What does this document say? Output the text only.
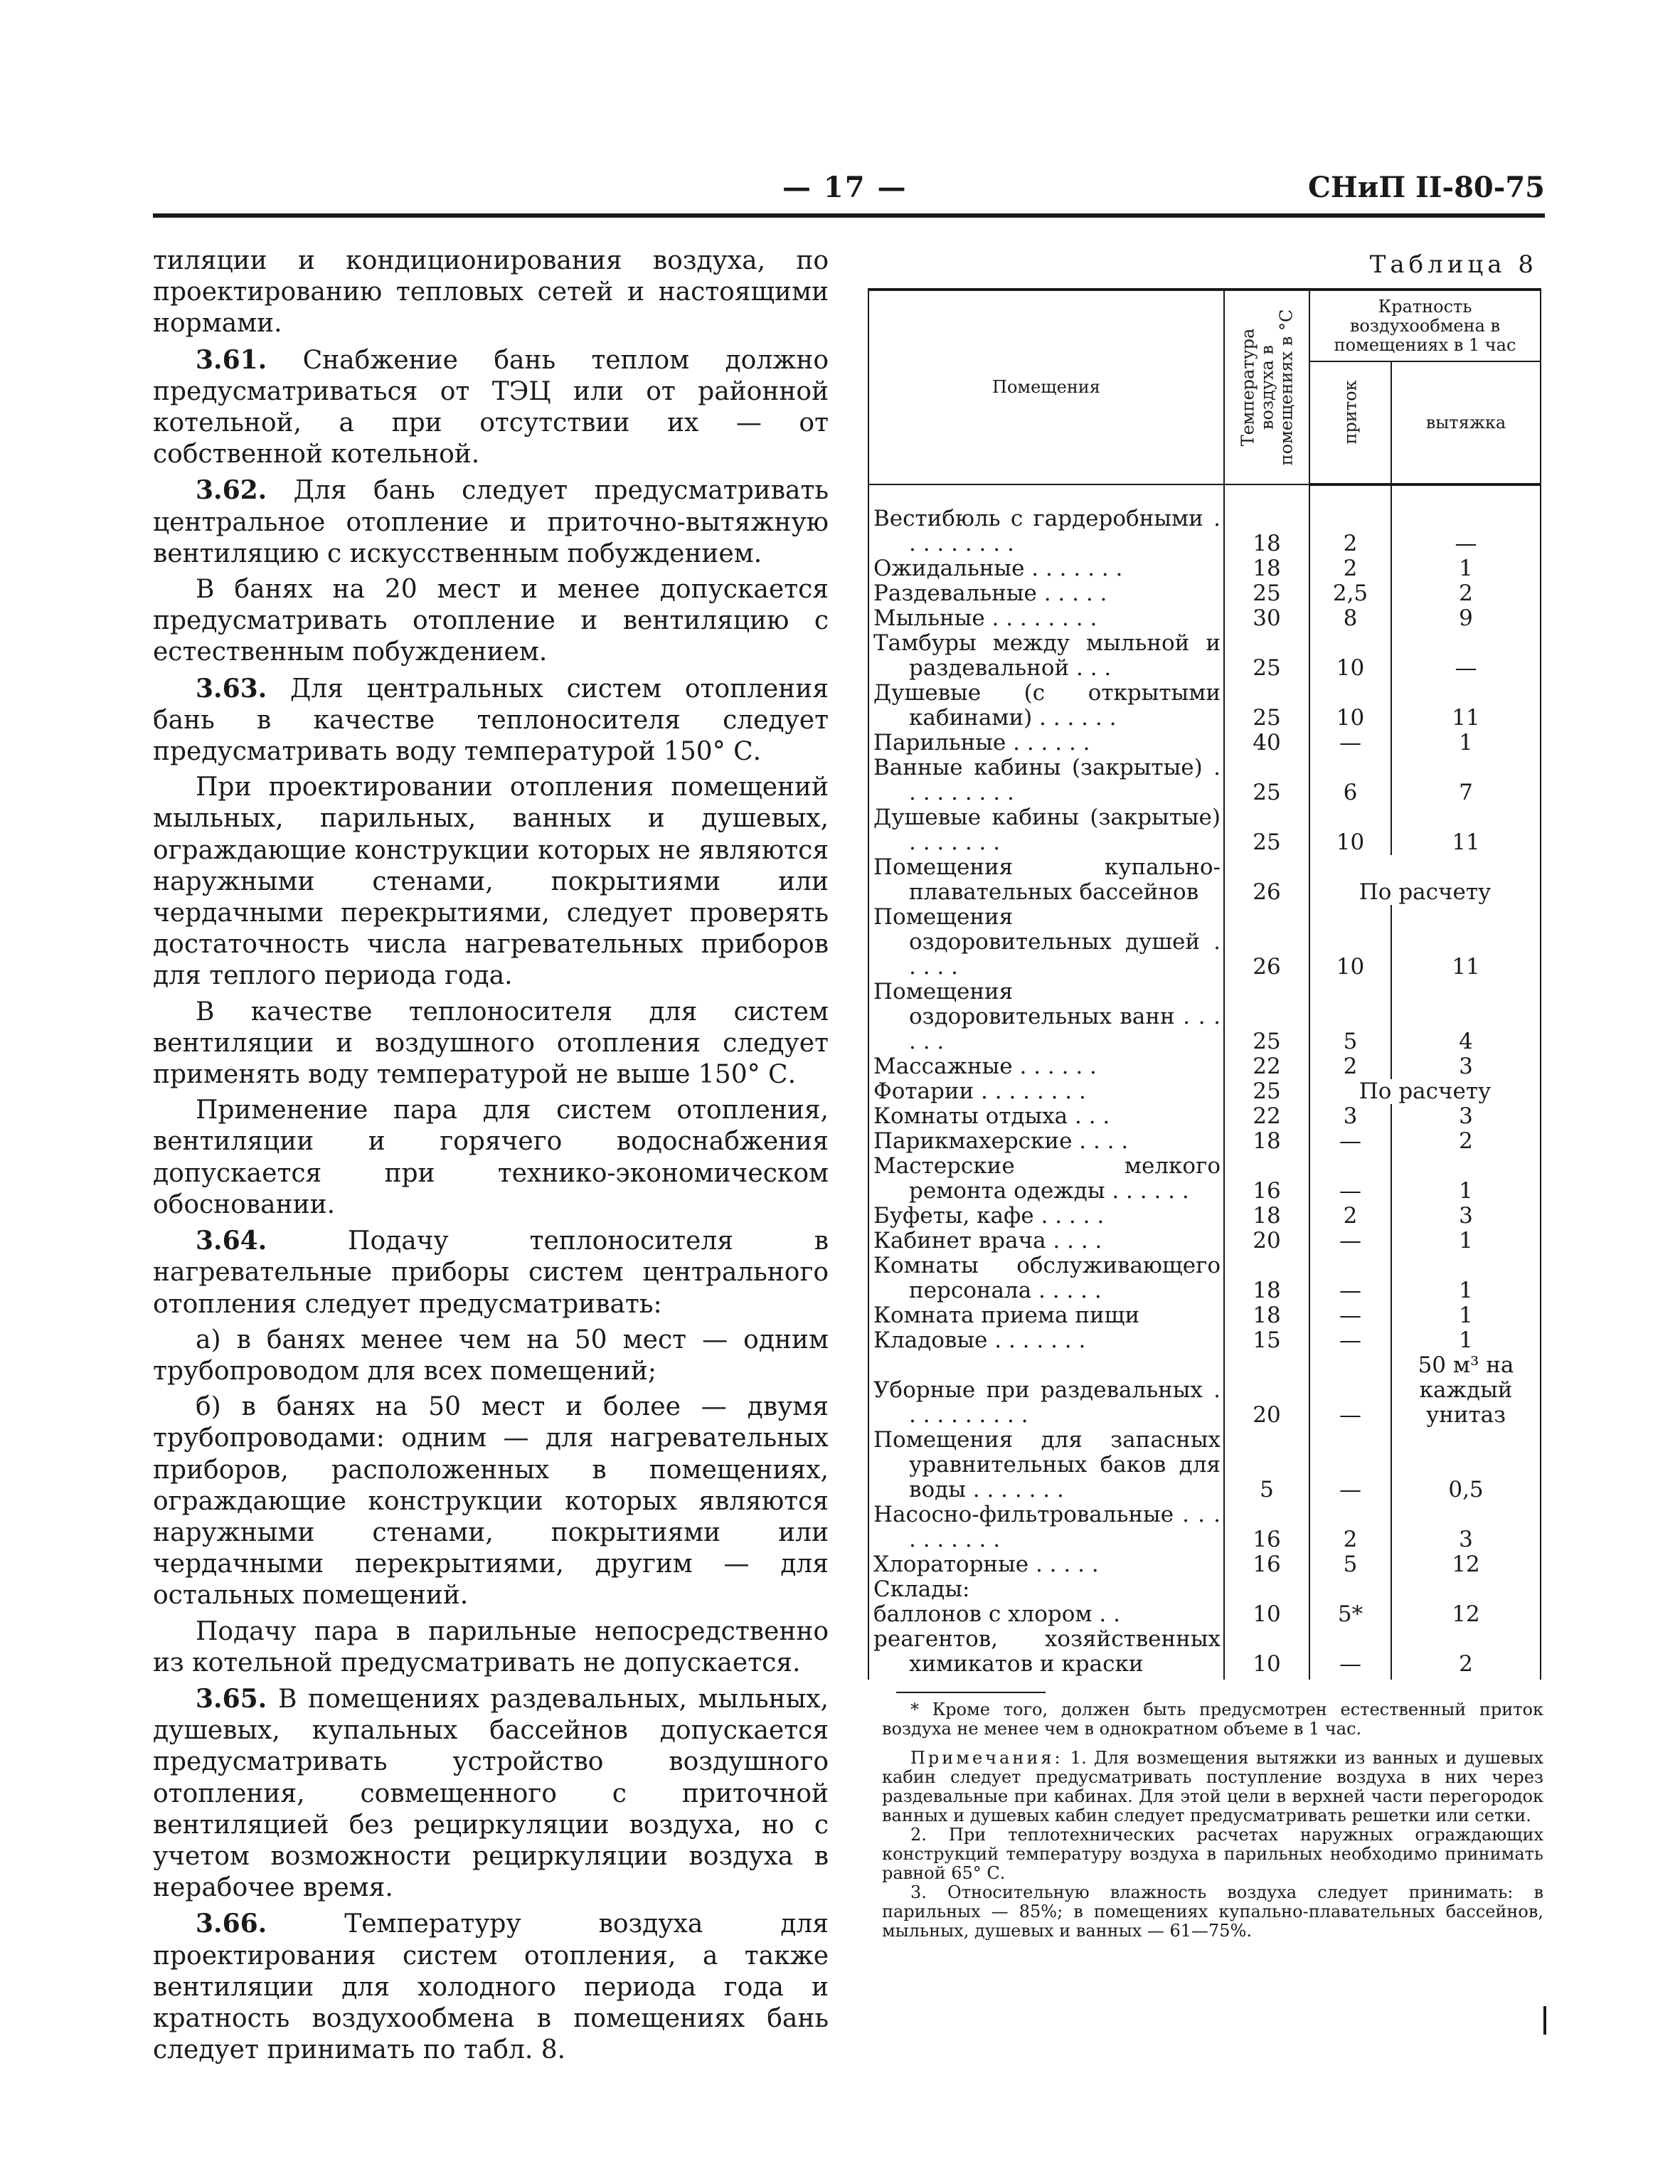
— 17 —	СНиП II-80-75

тиляции и кондиционирования воздуха, по проектированию тепловых сетей и настоящими нормами.

3.61. Снабжение бань теплом должно предусматриваться от ТЭЦ или от районной котельной, а при отсутствии их — от собственной котельной.

3.62. Для бань следует предусматривать центральное отопление и приточно-вытяжную вентиляцию с искусственным побуждением.

В банях на 20 мест и менее допускается предусматривать отопление и вентиляцию с естественным побуждением.

3.63. Для центральных систем отопления бань в качестве теплоносителя следует предусматривать воду температурой 150° С.

При проектировании отопления помещений мыльных, парильных, ванных и душевых, ограждающие конструкции которых не являются наружными стенами, покрытиями или чердачными перекрытиями, следует проверять достаточность числа нагревательных приборов для теплого периода года.

В качестве теплоносителя для систем вентиляции и воздушного отопления следует применять воду температурой не выше 150° С.

Применение пара для систем отопления, вентиляции и горячего водоснабжения допускается при технико-экономическом обосновании.

3.64.	Подачу теплоносителя в нагревательные приборы систем центрального отопления следует предусматривать:

а) в банях менее чем на 50 мест — одним трубопроводом для всех помещений;

б) в банях на 50 мест и более — двумя трубопроводами: одним — для нагревательных приборов, расположенных в помещениях, ограждающие конструкции которых являются наружными стенами, покрытиями или чердачными перекрытиями, другим — для остальных помещений.

Подачу пара в парильные непосредственно из котельной предусматривать не допускается.

3.65. В помещениях раздевальных, мыльных, душевых, купальных бассейнов допускается предусматривать устройство воздушного отопления, совмещенного с приточной вентиляцией без рециркуляции воздуха, но с учетом возможности рециркуляции воздуха в нерабочее время.

3.66.	Температуру воздуха для проектирования систем отопления, а также вентиляции для холодного периода года и кратность воздухообмена в помещениях бань следует принимать по табл. 8.

Таблица 8
Помещения	Температура воздуха в помещениях в °С	Кратность воздухообмена в помещениях в 1 час	

		приток	вытяжка
Вестибюль с гардеробными . . . . . . . . .	18	2	—
Ожидальные . . . . . . .	18	2	1
Раздевальные . . . . .	25	2,5	2
Мыльные . . . . . . . .	30	8	9
Тамбуры между мыльной и раздевальной . . .	25	10	—
Душевые (с открытыми кабинами) . . . . . .	25	10	11
Парильные . . . . . .	40	—	1
Ванные кабины (закрытые) . . . . . . . . .	25	6	7
Душевые кабины (закрытые) . . . . . . .	25	10	11
Помещения купально-плавательных бассейнов	26	По расчету	
Помещения оздоровительных душей . . . . .	26	10	11
Помещения оздоровительных ванн . . . . . .	25	5	4
Массажные . . . . . .	22	2	3
Фотарии . . . . . . . .	25	По расчету	
Комнаты отдыха . . .	22	3	3
Парикмахерские . . . .	18	—	2
Мастерские мелкого ремонта одежды . . . . . .	16	—	1
Буфеты, кафе . . . . .	18	2	3
Кабинет врача . . . .	20	—	1
Комнаты обслуживающего персонала . . . . .	18	—	1
Комната приема пищи	18	—	1
Кладовые . . . . . . .	15	—	1
Уборные при раздевальных . . . . . . . . . .	20	—	50 м³ на каждый унитаз
Помещения для запасных уравнительных баков для воды . . . . . . .	5	—	0,5
Насосно-фильтровальные . . . . . . . . . .	16	2	3
Хлораторные . . . . .	16	5	12
Склады:			
баллонов с хлором . .	10	5*	12
реагентов, хозяйственных химикатов и краски	10	—	2

* Кроме того, должен быть предусмотрен естественный приток воздуха не менее чем в однократном объеме в 1 час.

Примечания: 1. Для возмещения вытяжки из ванных и душевых кабин следует предусматривать поступление воздуха в них через раздевальные при кабинах. Для этой цели в верхней части перегородок ванных и душевых кабин следует предусматривать решетки или сетки.

2. При теплотехнических расчетах наружных ограждающих конструкций температуру воздуха в парильных необходимо принимать равной 65° С.

3. Относительную влажность воздуха следует принимать: в парильных — 85%; в помещениях купально-плавательных бассейнов, мыльных, душевых и ванных — 61—75%.
